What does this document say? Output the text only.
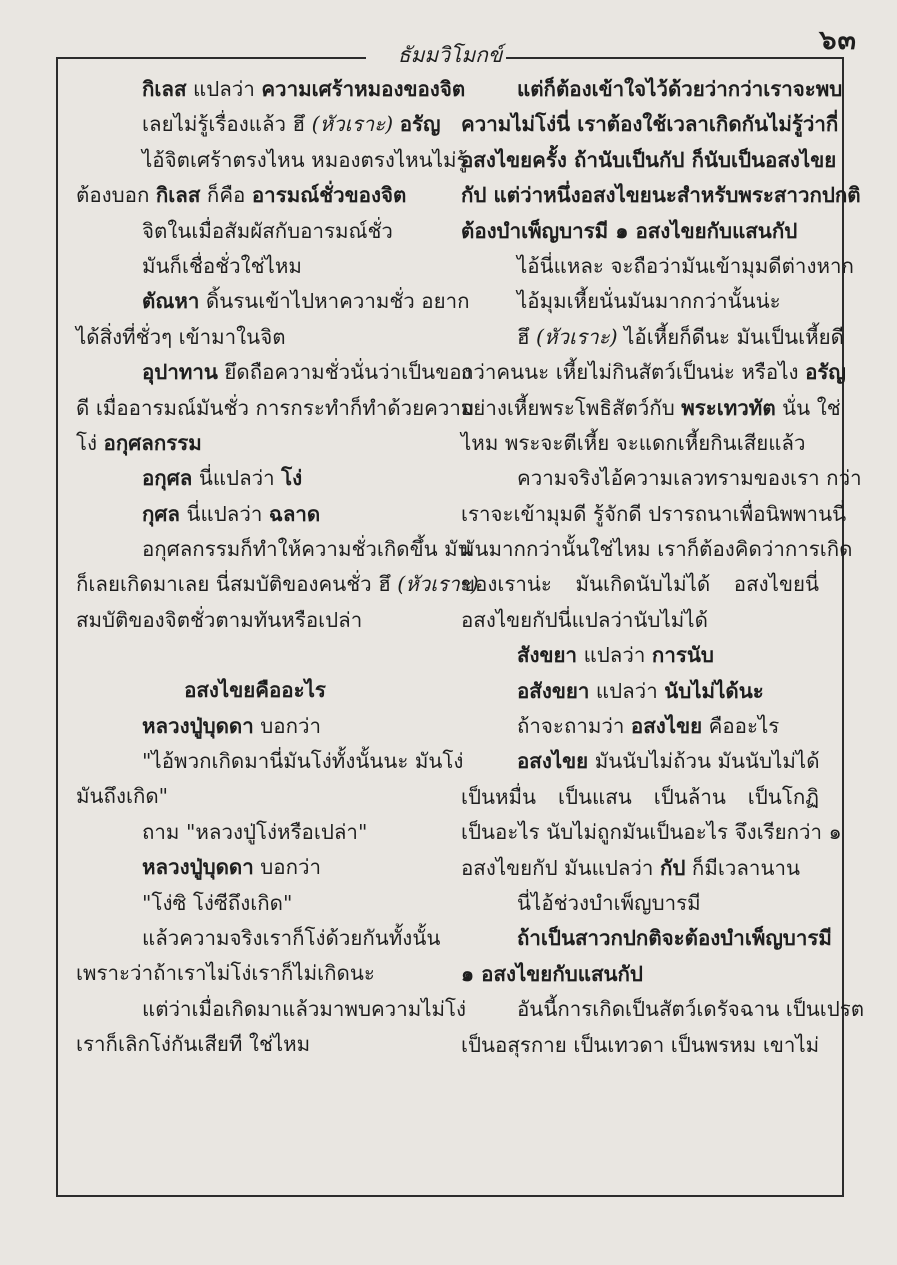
๖๓
ธัมมวิโมกข์
กิเลส แปลว่า ความเศร้าหมองของจิต
เลยไม่รู้เรื่องแล้ว ฮึ (หัวเราะ) อรัญ
ไอ้จิตเศร้าตรงไหน หมองตรงไหนไม่รู้
ต้องบอก กิเลส ก็คือ อารมณ์ชั่วของจิต
จิตในเมื่อสัมผัสกับอารมณ์ชั่ว
มันก็เชื่อชั่วใช่ไหม
ตัณหา ดิ้นรนเข้าไปหาความชั่ว อยาก
ได้สิ่งที่ชั่วๆ เข้ามาในจิต
อุปาทาน ยึดถือความชั่วนั่นว่าเป็นของ
ดี เมื่ออารมณ์มันชั่ว การกระทำก็ทำด้วยความ
โง่ อกุศลกรรม
อกุศล นี่แปลว่า โง่
กุศล นี่แปลว่า ฉลาด
อกุศลกรรมก็ทำให้ความชั่วเกิดขึ้น มัน
ก็เลยเกิดมาเลย นี่สมบัติของคนชั่ว ฮึ (หัวเราะ)
สมบัติของจิตชั่วตามทันหรือเปล่า
อสงไขยคืออะไร
หลวงปู่บุดดา บอกว่า
"ไอ้พวกเกิดมานี่มันโง่ทั้งนั้นนะ มันโง่
มันถึงเกิด"
ถาม "หลวงปู่โง่หรือเปล่า"
หลวงปู่บุดดา บอกว่า
"โง่ซิ โง่ซีถึงเกิด"
แล้วความจริงเราก็โง่ด้วยกันทั้งนั้น
เพราะว่าถ้าเราไม่โง่เราก็ไม่เกิดนะ
แต่ว่าเมื่อเกิดมาแล้วมาพบความไม่โง่
เราก็เลิกโง่กันเสียที ใช่ไหม
แต่ก็ต้องเข้าใจไว้ด้วยว่ากว่าเราจะพบ
ความไม่โง่นี่ เราต้องใช้เวลาเกิดกันไม่รู้ว่ากี่
อสงไขยครั้ง ถ้านับเป็นกัป ก็นับเป็นอสงไขย
กัป แต่ว่าหนึ่งอสงไขยนะสำหรับพระสาวกปกติ
ต้องบำเพ็ญบารมี ๑ อสงไขยกับแสนกัป
ไอ้นี่แหละ จะถือว่ามันเข้ามุมดีต่างหาก
ไอ้มุมเหี้ยนั่นมันมากกว่านั้นน่ะ
ฮึ (หัวเราะ) ไอ้เหี้ยก็ดีนะ มันเป็นเหี้ยดี
กว่าคนนะ เหี้ยไม่กินสัตว์เป็นน่ะ หรือไง อรัญ
อย่างเหี้ยพระโพธิสัตว์กับ พระเทวทัต นั่น ใช่
ไหม พระจะตีเหี้ย จะแดกเหี้ยกินเสียแล้ว
ความจริงไอ้ความเลวทรามของเรา กว่า
เราจะเข้ามุมดี รู้จักดี ปรารถนาเพื่อนิพพานนี่
มันมากกว่านั้นใช่ไหม เราก็ต้องคิดว่าการเกิด
ของเราน่ะ มันเกิดนับไม่ได้ อสงไขยนี่
อสงไขยกัปนี่แปลว่านับไม่ได้
สังขยา แปลว่า การนับ
อสังขยา แปลว่า นับไม่ได้นะ
ถ้าจะถามว่า อสงไขย คืออะไร
อสงไขย มันนับไม่ถ้วน มันนับไม่ได้
เป็นหมื่น เป็นแสน เป็นล้าน เป็นโกฏิ
เป็นอะไร นับไม่ถูกมันเป็นอะไร จึงเรียกว่า ๑
อสงไขยกัป มันแปลว่า กัป ก็มีเวลานาน
นี่ไอ้ช่วงบำเพ็ญบารมี
ถ้าเป็นสาวกปกติจะต้องบำเพ็ญบารมี
๑ อสงไขยกับแสนกัป
อันนี้การเกิดเป็นสัตว์เดรัจฉาน เป็นเปรต
เป็นอสุรกาย เป็นเทวดา เป็นพรหม เขาไม่
